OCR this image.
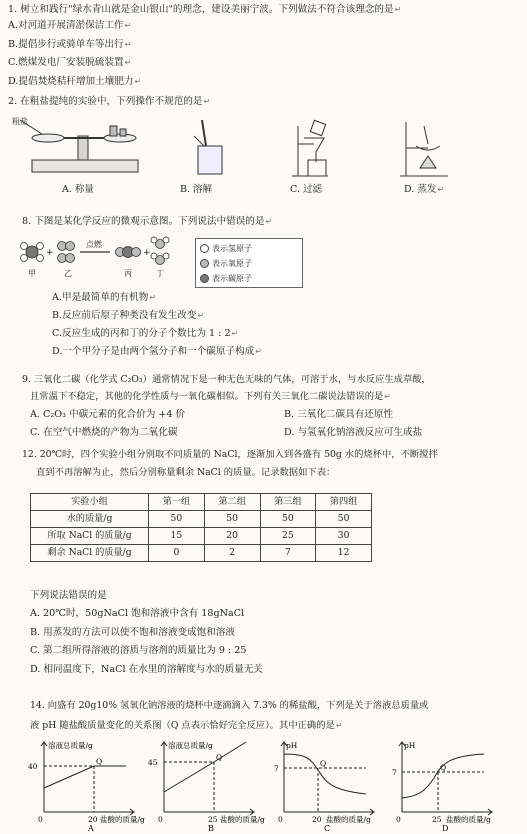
1. 树立和践行"绿水青山就是金山银山"的理念，建设美丽宁波。下列做法不符合该理念的是↵
A.对河道开展清淤保洁工作↵
B.提倡步行或骑单车等出行↵
C.燃煤发电厂安装脱硫装置↵
D.提倡焚烧秸秆增加土壤肥力↵
2. 在粗盐提纯的实验中，下列操作不规范的是↵
粗盐
A. 称量	B. 溶解	C. 过滤	D. 蒸发↵
8. 下图是某化学反应的微观示意图。下列说法中错误的是↵
+	+
点燃
甲	乙	丙	丁
表示氢原子
表示氧原子
表示碳原子
A.甲是最简单的有机物↵
B.反应前后原子种类没有发生改变↵
C.反应生成的丙和丁的分子个数比为 1 : 2↵
D.一个甲分子是由两个氢分子和一个碳原子构成↵
9. 三氧化二碳（化学式 C₂O₃）通常情况下是一种无色无味的气体，可溶于水，与水反应生成草酸，
且常温下不稳定，其他的化学性质与一氧化碳相似。下列有关三氧化二碳说法错误的是↵
A. C₂O₃ 中碳元素的化合价为 +4 价	B. 三氧化二碳具有还原性
C. 在空气中燃烧的产物为二氧化碳	D. 与氢氧化钠溶液反应可生成盐
12. 20℃时，四个实验小组分别取不同质量的 NaCl，逐渐加入到各盛有 50g 水的烧杯中，不断搅拌
直到不再溶解为止，然后分别称量剩余 NaCl 的质量。记录数据如下表：
实验小组	第一组	第二组	第三组	第四组
水的质量/g	50	50	50	50
所取 NaCl 的质量/g	15	20	25	30
剩余 NaCl 的质量/g	0	2	7	12
下列说法错误的是
A. 20℃时，50gNaCl 饱和溶液中含有 18gNaCl
B. 用蒸发的方法可以使不饱和溶液变成饱和溶液
C. 第二组所得溶液的溶质与溶剂的质量比为 9 : 25
D. 相同温度下，NaCl 在水里的溶解度与水的质量无关
14. 向盛有 20g10% 氢氧化钠溶液的烧杯中逐滴滴入 7.3% 的稀盐酸，下列是关于溶液总质量或
液 pH 随盐酸质量变化的关系图（Q 点表示恰好完全反应）。其中正确的是↵
溶液总质量/g
40
Q
0	20 盐酸的质量/g
A
溶液总质量/g
45
Q
0	25 盐酸的质量/g
B
pH
7
Q
0	20 盐酸的质量/g
C
pH
7
Q
0	25 盐酸的质量/g
D
